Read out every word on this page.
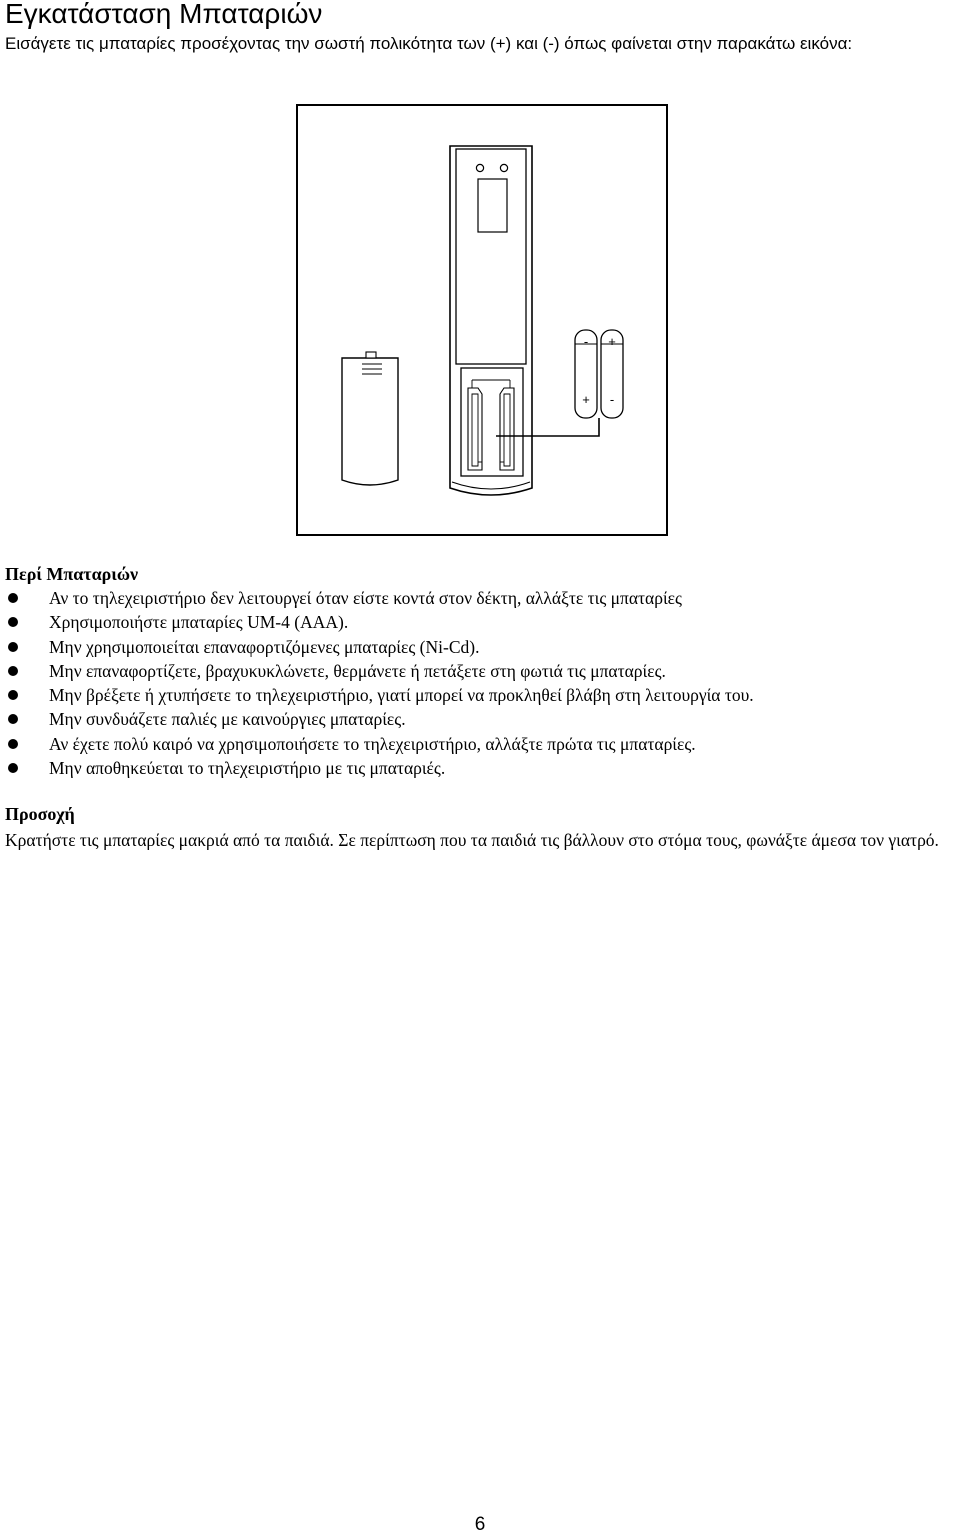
Εγκατάσταση Μπαταριών

Εισάγετε τις μπαταρίες προσέχοντας την σωστή πολικότητα των (+) και (-) όπως φαίνεται στην παρακάτω εικόνα:

-
+
+
-
Περί Μπαταριών
Αν το τηλεχειριστήριο δεν λειτουργεί όταν είστε κοντά στον δέκτη, αλλάξτε τις μπαταρίες
Χρησιμοποιήστε μπαταρίες UM-4 (AAA).
Μην χρησιμοποιείται επαναφορτιζόμενες μπαταρίες (Ni-Cd).
Μην επαναφορτίζετε, βραχυκυκλώνετε, θερμάνετε ή πετάξετε στη φωτιά τις μπαταρίες.
Μην βρέξετε ή χτυπήσετε το τηλεχειριστήριο, γιατί μπορεί να προκληθεί βλάβη στη λειτουργία του.
Μην συνδυάζετε παλιές με καινούργιες μπαταρίες.
Αν έχετε πολύ καιρό να χρησιμοποιήσετε το τηλεχειριστήριο, αλλάξτε πρώτα τις μπαταρίες.
Μην αποθηκεύεται το τηλεχειριστήριο με τις μπαταριές.
Προσοχή

Κρατήστε τις μπαταρίες μακριά από τα παιδιά. Σε περίπτωση που τα παιδιά τις βάλλουν στο στόμα τους, φωνάξτε άμεσα τον γιατρό.

6
